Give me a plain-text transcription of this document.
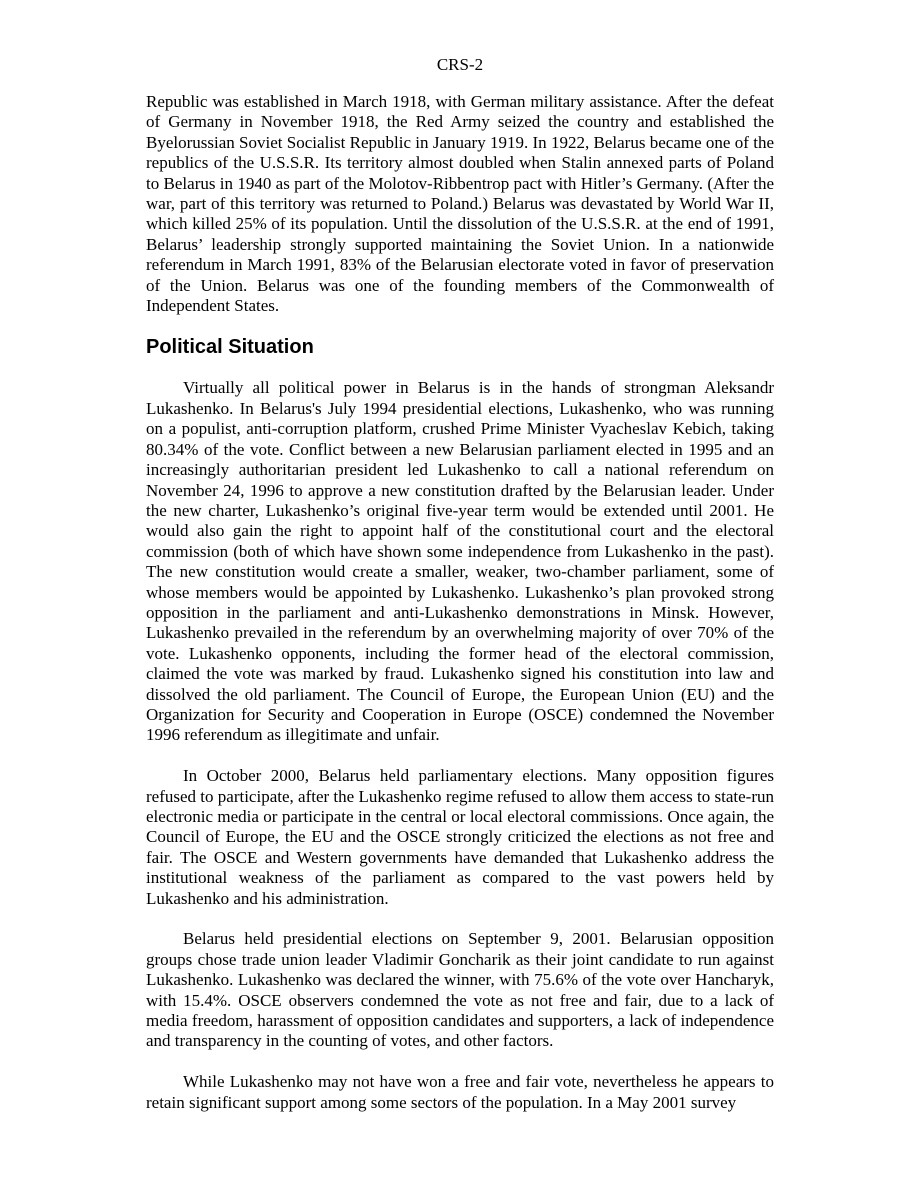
CRS-2

Republic was established in March 1918, with German military assistance. After the defeat of Germany in November 1918, the Red Army seized the country and established the Byelorussian Soviet Socialist Republic in January 1919. In 1922, Belarus became one of the republics of the U.S.S.R. Its territory almost doubled when Stalin annexed parts of Poland to Belarus in 1940 as part of the Molotov-Ribbentrop pact with Hitler’s Germany. (After the war, part of this territory was returned to Poland.) Belarus was devastated by World War II, which killed 25% of its population. Until the dissolution of the U.S.S.R. at the end of 1991, Belarus’ leadership strongly supported maintaining the Soviet Union. In a nationwide referendum in March 1991, 83% of the Belarusian electorate voted in favor of preservation of the Union. Belarus was one of the founding members of the Commonwealth of Independent States.

Political Situation

Virtually all political power in Belarus is in the hands of strongman Aleksandr Lukashenko. In Belarus's July 1994 presidential elections, Lukashenko, who was running on a populist, anti-corruption platform, crushed Prime Minister Vyacheslav Kebich, taking 80.34% of the vote. Conflict between a new Belarusian parliament elected in 1995 and an increasingly authoritarian president led Lukashenko to call a national referendum on November 24, 1996 to approve a new constitution drafted by the Belarusian leader. Under the new charter, Lukashenko’s original five-year term would be extended until 2001. He would also gain the right to appoint half of the constitutional court and the electoral commission (both of which have shown some independence from Lukashenko in the past). The new constitution would create a smaller, weaker, two-chamber parliament, some of whose members would be appointed by Lukashenko. Lukashenko’s plan provoked strong opposition in the parliament and anti-Lukashenko demonstrations in Minsk. However, Lukashenko prevailed in the referendum by an overwhelming majority of over 70% of the vote. Lukashenko opponents, including the former head of the electoral commission, claimed the vote was marked by fraud. Lukashenko signed his constitution into law and dissolved the old parliament. The Council of Europe, the European Union (EU) and the Organization for Security and Cooperation in Europe (OSCE) condemned the November 1996 referendum as illegitimate and unfair.

In October 2000, Belarus held parliamentary elections. Many opposition figures refused to participate, after the Lukashenko regime refused to allow them access to state-run electronic media or participate in the central or local electoral commissions. Once again, the Council of Europe, the EU and the OSCE strongly criticized the elections as not free and fair. The OSCE and Western governments have demanded that Lukashenko address the institutional weakness of the parliament as compared to the vast powers held by Lukashenko and his administration.

Belarus held presidential elections on September 9, 2001. Belarusian opposition groups chose trade union leader Vladimir Goncharik as their joint candidate to run against Lukashenko. Lukashenko was declared the winner, with 75.6% of the vote over Hancharyk, with 15.4%. OSCE observers condemned the vote as not free and fair, due to a lack of media freedom, harassment of opposition candidates and supporters, a lack of independence and transparency in the counting of votes, and other factors.

While Lukashenko may not have won a free and fair vote, nevertheless he appears to retain significant support among some sectors of the population. In a May 2001 survey
